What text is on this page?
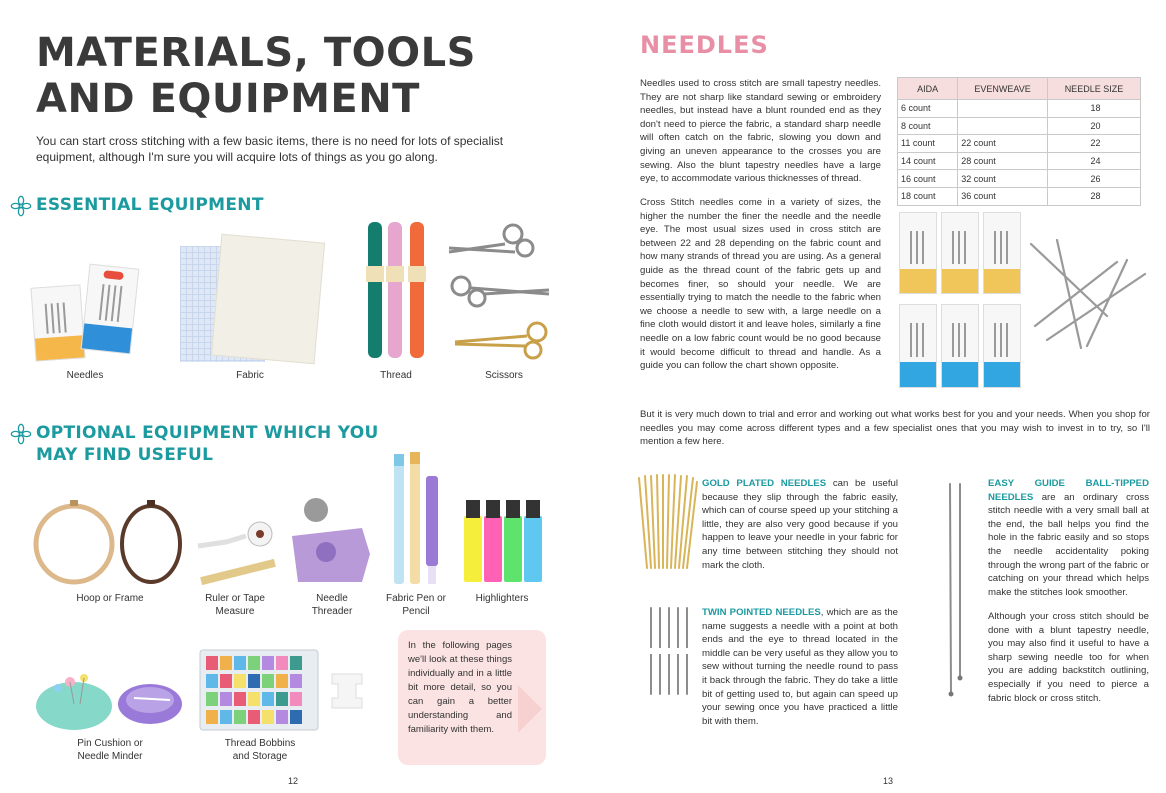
MATERIALS, TOOLS AND EQUIPMENT

You can start cross stitching with a few basic items, there is no need for lots of specialist equipment, although I'm sure you will acquire lots of things as you go along.

ESSENTIAL EQUIPMENT
Needles	Fabric	Thread	Scissors
OPTIONAL EQUIPMENT WHICH YOU
MAY FIND USEFUL
Hoop or Frame	Ruler or Tape
Measure
Needle
Threader
Fabric Pen or
Pencil
Highlighters
Pin Cushion or
Needle Minder
Thread Bobbins
and Storage

In the following pages we'll look at these things individually and in a little bit more detail, so you can gain a better understanding and familiarity with them.

12
NEEDLES

Needles used to cross stitch are small tapestry needles. They are not sharp like standard sewing or embroidery needles, but instead have a blunt rounded end as they don't need to pierce the fabric, a standard sharp needle will often catch on the fabric, slowing you down and giving an uneven appearance to the crosses you are sewing. Also the blunt tapestry needles have a large eye, to accommodate various thicknesses of thread.

Cross Stitch needles come in a variety of sizes, the higher the number the finer the needle and the needle eye. The most usual sizes used in cross stitch are between 22 and 28 depending on the fabric count and how many strands of thread you are using. As a general guide as the thread count of the fabric gets up and becomes finer, so should your needle. We are essentially trying to match the needle to the fabric when we choose a needle to sew with, a large needle on a fine cloth would distort it and leave holes, similarly a fine needle on a low fabric count would be no good because it would become difficult to thread and handle. As a guide you can follow the chart shown opposite.

AIDA	EVENWEAVE	NEEDLE SIZE
6 count		18
8 count		20
11 count	22 count	22
14 count	28 count	24
16 count	32 count	26
18 count	36 count	28

But it is very much down to trial and error and working out what works best for you and your needs. When you shop for needles you may come across different types and a few specialist ones that you may wish to invest in to try, so I'll mention a few here.

GOLD PLATED NEEDLES can be useful because they slip through the fabric easily, which can of course speed up your stitching a little, they are also very good because if you happen to leave your needle in your fabric for any time between stitching they should not mark the cloth.

TWIN POINTED NEEDLES, which are as the name suggests a needle with a point at both ends and the eye to thread located in the middle can be very useful as they allow you to sew without turning the needle round to pass it back through the fabric. They do take a little bit of getting used to, but again can speed up your sewing once you have practiced a little bit with them.

EASY GUIDE BALL-TIPPED NEEDLES are an ordinary cross stitch needle with a very small ball at the end, the ball helps you find the hole in the fabric easily and so stops the needle accidentality poking through the wrong part of the fabric or catching on your thread which helps make the stitches look smoother.

Although your cross stitch should be done with a blunt tapestry needle, you may also find it useful to have a sharp sewing needle too for when you are adding backstitch outlining, especially if you need to pierce a fabric block or cross stitch.

13
